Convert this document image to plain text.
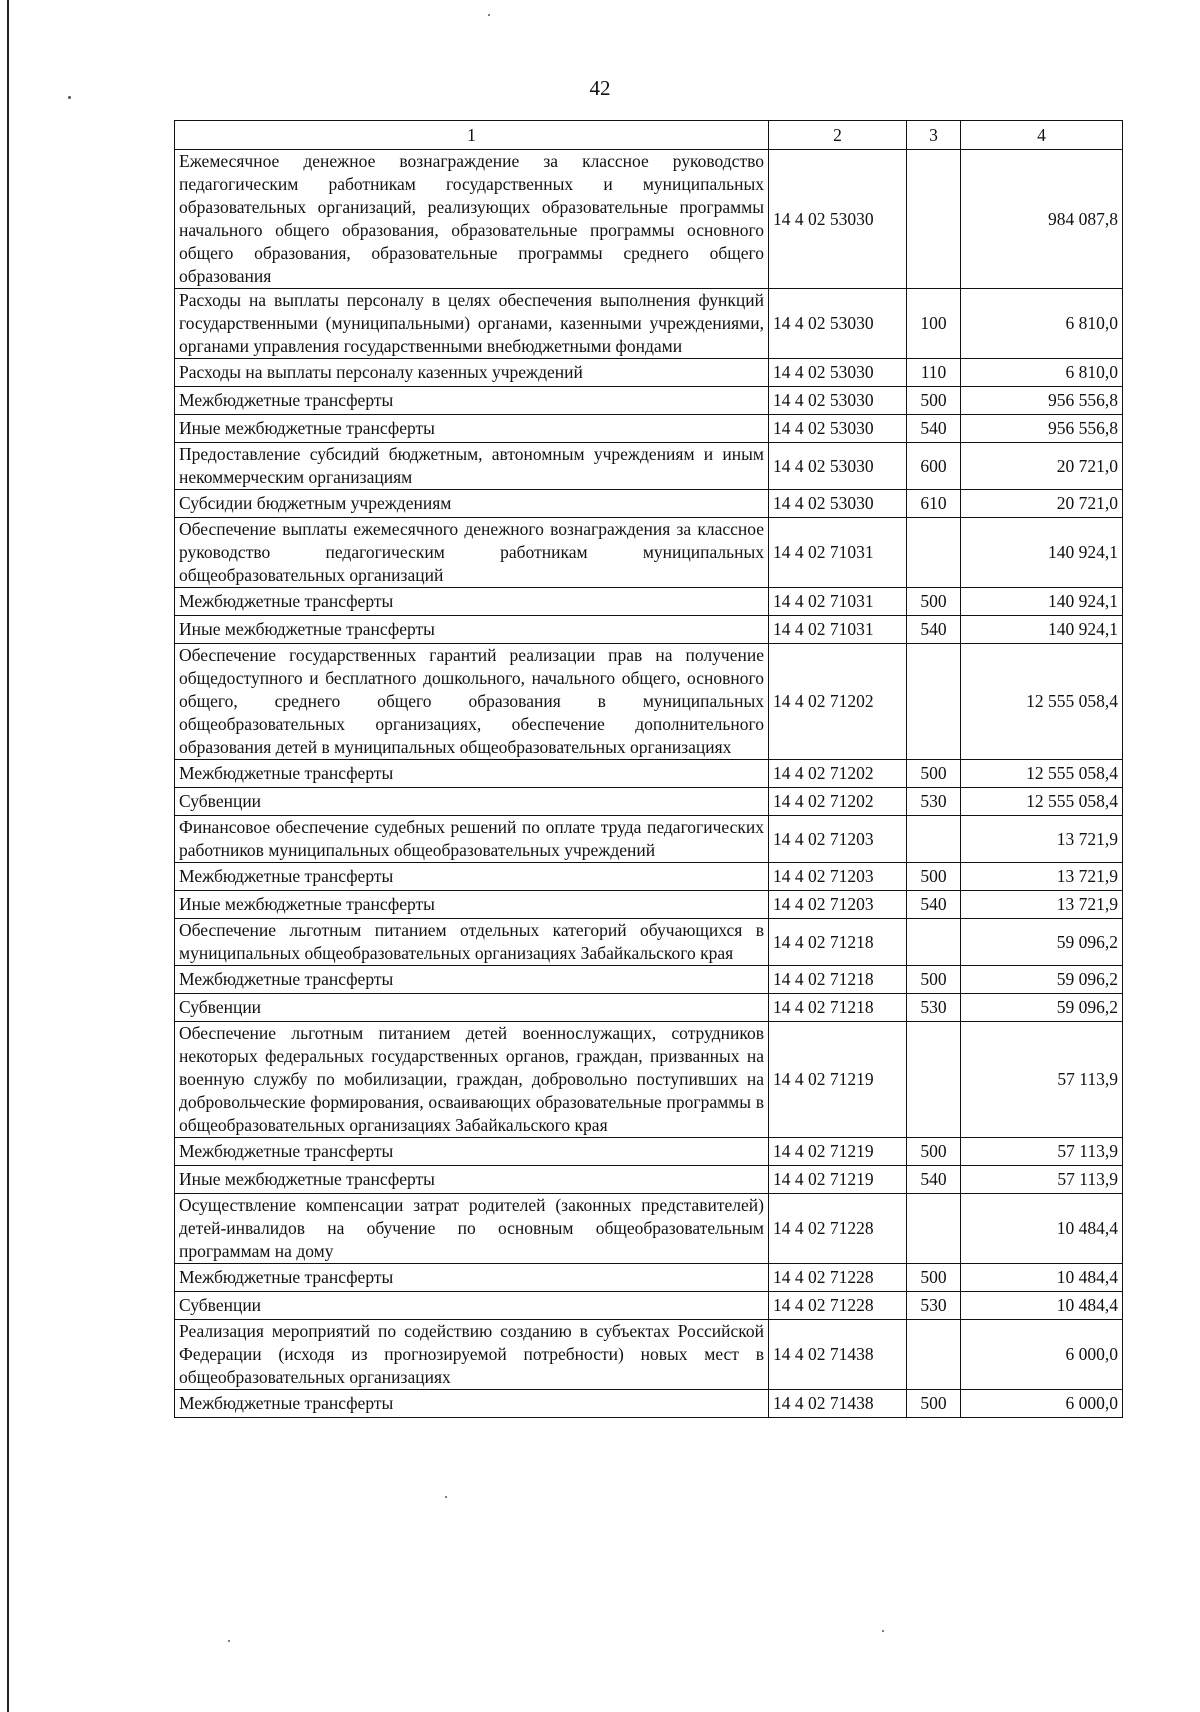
42
1	2	3	4
Ежемесячное денежное вознаграждение за классное руководство педагогическим работникам государственных и муниципальных образовательных организаций, реализующих образовательные программы начального общего образования, образовательные программы основного общего образования, образовательные программы среднего общего образования	14 4 02 53030		984 087,8
Расходы на выплаты персоналу в целях обеспечения выполнения функций государственными (муниципальными) органами, казенными учреждениями, органами управления государственными внебюджетными фондами	14 4 02 53030	100	6 810,0
Расходы на выплаты персоналу казенных учреждений	14 4 02 53030	110	6 810,0
Межбюджетные трансферты	14 4 02 53030	500	956 556,8
Иные межбюджетные трансферты	14 4 02 53030	540	956 556,8
Предоставление субсидий бюджетным, автономным учреждениям и иным некоммерческим организациям	14 4 02 53030	600	20 721,0
Субсидии бюджетным учреждениям	14 4 02 53030	610	20 721,0
Обеспечение выплаты ежемесячного денежного вознаграждения за классное руководство педагогическим работникам муниципальных общеобразовательных организаций	14 4 02 71031		140 924,1
Межбюджетные трансферты	14 4 02 71031	500	140 924,1
Иные межбюджетные трансферты	14 4 02 71031	540	140 924,1
Обеспечение государственных гарантий реализации прав на получение общедоступного и бесплатного дошкольного, начального общего, основного общего, среднего общего образования в муниципальных общеобразовательных организациях, обеспечение дополнительного образования детей в муниципальных общеобразовательных организациях	14 4 02 71202		12 555 058,4
Межбюджетные трансферты	14 4 02 71202	500	12 555 058,4
Субвенции	14 4 02 71202	530	12 555 058,4
Финансовое обеспечение судебных решений по оплате труда педагогических работников муниципальных общеобразовательных учреждений	14 4 02 71203		13 721,9
Межбюджетные трансферты	14 4 02 71203	500	13 721,9
Иные межбюджетные трансферты	14 4 02 71203	540	13 721,9
Обеспечение льготным питанием отдельных категорий обучающихся в муниципальных общеобразовательных организациях Забайкальского края	14 4 02 71218		59 096,2
Межбюджетные трансферты	14 4 02 71218	500	59 096,2
Субвенции	14 4 02 71218	530	59 096,2
Обеспечение льготным питанием детей военнослужащих, сотрудников некоторых федеральных государственных органов, граждан, призванных на военную службу по мобилизации, граждан, добровольно поступивших на добровольческие формирования, осваивающих образовательные программы в общеобразовательных организациях Забайкальского края	14 4 02 71219		57 113,9
Межбюджетные трансферты	14 4 02 71219	500	57 113,9
Иные межбюджетные трансферты	14 4 02 71219	540	57 113,9
Осуществление компенсации затрат родителей (законных представителей) детей-инвалидов на обучение по основным общеобразовательным программам на дому	14 4 02 71228		10 484,4
Межбюджетные трансферты	14 4 02 71228	500	10 484,4
Субвенции	14 4 02 71228	530	10 484,4
Реализация мероприятий по содействию созданию в субъектах Российской Федерации (исходя из прогнозируемой потребности) новых мест в общеобразовательных организациях	14 4 02 71438		6 000,0
Межбюджетные трансферты	14 4 02 71438	500	6 000,0
